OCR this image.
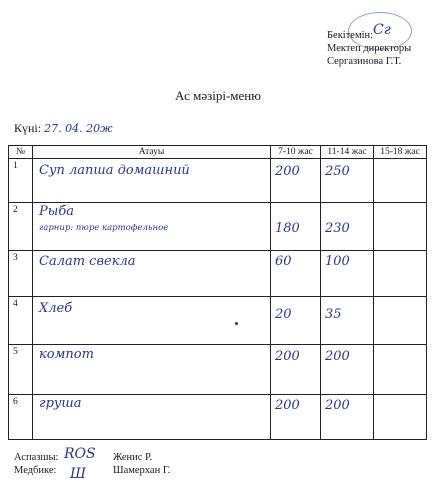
Сг
Бекітемін:
Мектеп директоры
Сергазинова Г.Т.
Ас мәзірі-меню
Күні: 27. 04. 20ж
№	Атауы	7-10 жас	11-14 жас	15-18 жас
1	Суп лапша домашний	200	250	
2	Рыба
гарнир: пюре картофельное	180	230	
3	Салат свекла	60	100	
4	Хлеб	20	35	
5	компот	200	200	
6	груша	200	200	
Аспазшы:	Женис Р.
ROS
Медбике:	Шамерхан Г.
Ш
